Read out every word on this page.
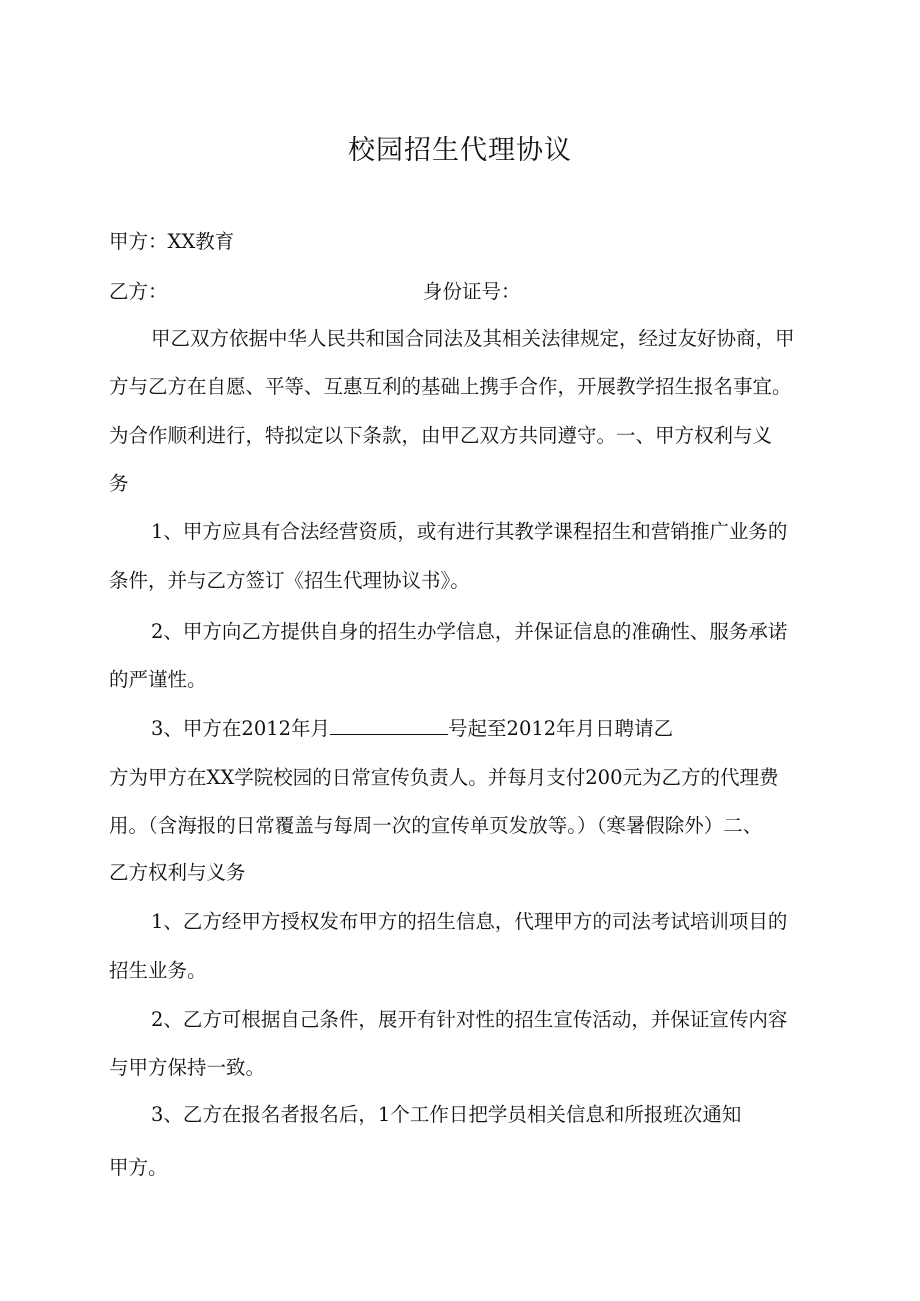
校园招生代理协议
甲方：XX教育
乙方：	身份证号：
甲乙双方依据中华人民共和国合同法及其相关法律规定，经过友好协商，甲
方与乙方在自愿、平等、互惠互利的基础上携手合作，开展教学招生报名事宜。
为合作顺利进行，特拟定以下条款，由甲乙双方共同遵守。一、甲方权利与义
务
1、甲方应具有合法经营资质，或有进行其教学课程招生和营销推广业务的
条件，并与乙方签订《招生代理协议书》。
2、甲方向乙方提供自身的招生办学信息，并保证信息的准确性、服务承诺
的严谨性。
3、甲方在2012年月	号起至2012年月日聘请乙
方为甲方在XX学院校园的日常宣传负责人。并每月支付200元为乙方的代理费
用。（含海报的日常覆盖与每周一次的宣传单页发放等。）（寒暑假除外）二、
乙方权利与义务
1、乙方经甲方授权发布甲方的招生信息，代理甲方的司法考试培训项目的
招生业务。
2、乙方可根据自己条件，展开有针对性的招生宣传活动，并保证宣传内容
与甲方保持一致。
3、乙方在报名者报名后，1个工作日把学员相关信息和所报班次通知
甲方。
